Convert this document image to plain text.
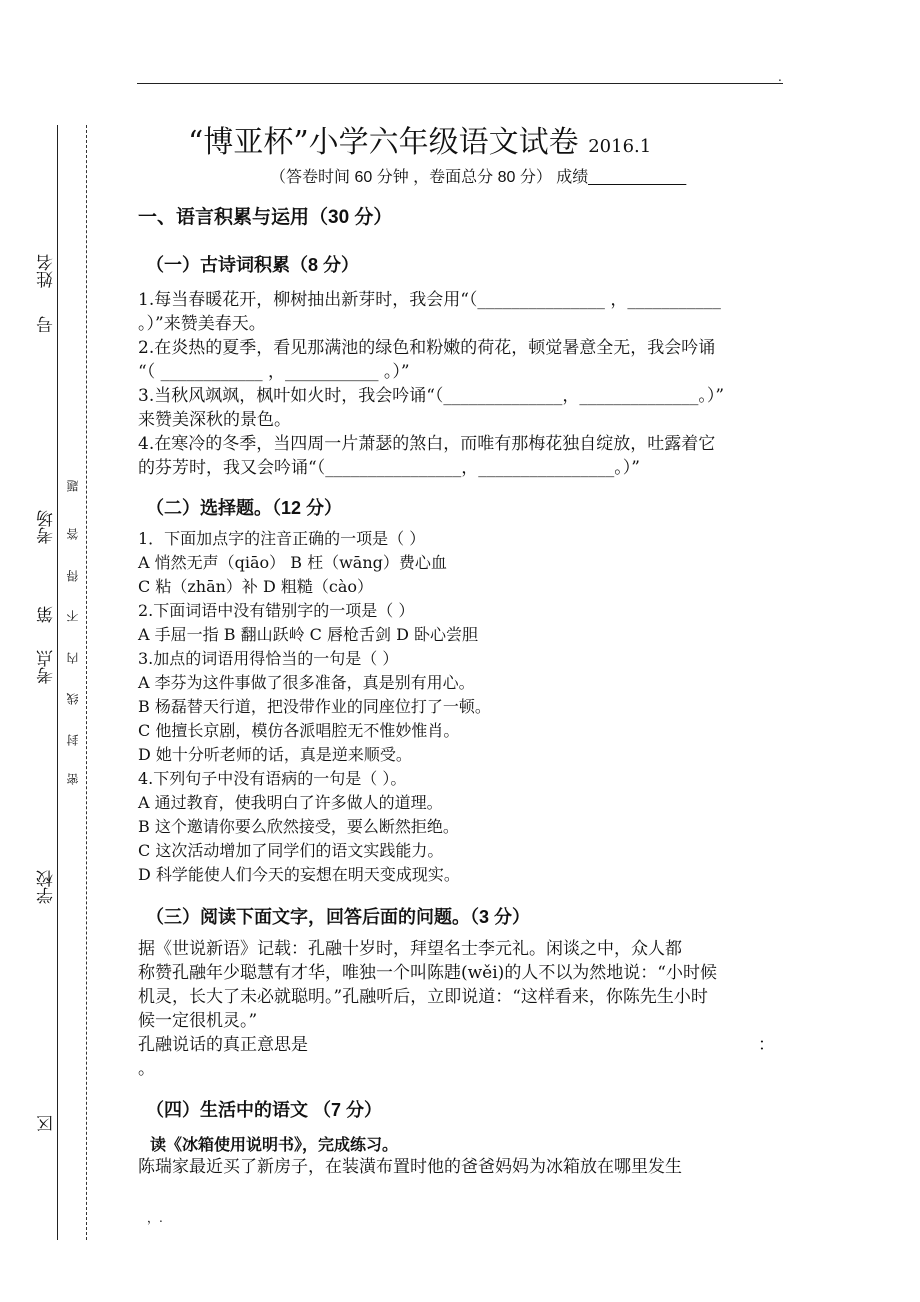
.
姓名
号
考场
第
考点
学校
区
密
封
线
内
不
得
答
题
“博亚杯”小学六年级语文试卷 2016.1
（答卷时间 60 分钟 ，卷面总分 80 分） 成绩___________
一、语言积累与运用（30 分）
（一）古诗词积累（8 分）
1.每当春暖花开，柳树抽出新芽时，我会用“（_______________ ，___________
。）”来赞美春天。
2.在炎热的夏季，看见那满池的绿色和粉嫩的荷花，顿觉暑意全无，我会吟诵
“（ ____________ ，___________ 。）”
3.当秋风飒飒，枫叶如火时，我会吟诵“（______________，______________。）”
来赞美深秋的景色。
4.在寒冷的冬季，当四周一片萧瑟的煞白，而唯有那梅花独自绽放，吐露着它
的芬芳时，我又会吟诵“（________________，________________。）”
（二）选择题。（12 分）
1．下面加点字的注音正确的一项是（ ）
A 悄然无声（qiāo） B 枉（wāng）费心血
C 粘（zhān）补 D 粗糙（cào）
2.下面词语中没有错别字的一项是（ ）
A 手屈一指 B 翻山跃岭 C 唇枪舌剑 D 卧心尝胆
3.加点的词语用得恰当的一句是（ ）
A 李芬为这件事做了很多准备，真是别有用心。
B 杨磊替天行道，把没带作业的同座位打了一顿。
C 他擅长京剧，模仿各派唱腔无不惟妙惟肖。
D 她十分听老师的话，真是逆来顺受。
4.下列句子中没有语病的一句是（ ）。
A 通过教育，使我明白了许多做人的道理。
B 这个邀请你要么欣然接受，要么断然拒绝。
C 这次活动增加了同学们的语文实践能力。
D 科学能使人们今天的妄想在明天变成现实。
（三）阅读下面文字，回答后面的问题。（3 分）
据《世说新语》记载：孔融十岁时，拜望名士李元礼。闲谈之中，众人都
称赞孔融年少聪慧有才华，唯独一个叫陈韪(wěi)的人不以为然地说：“小时候
机灵，长大了未必就聪明。”孔融听后，立即说道：“这样看来，你陈先生小时
候一定很机灵。”
孔融说话的真正意思是	：
。
（四）生活中的语文 （7 分）
读《冰箱使用说明书》，完成练习。
陈瑞家最近买了新房子，在装潢布置时他的爸爸妈妈为冰箱放在哪里发生
，.
